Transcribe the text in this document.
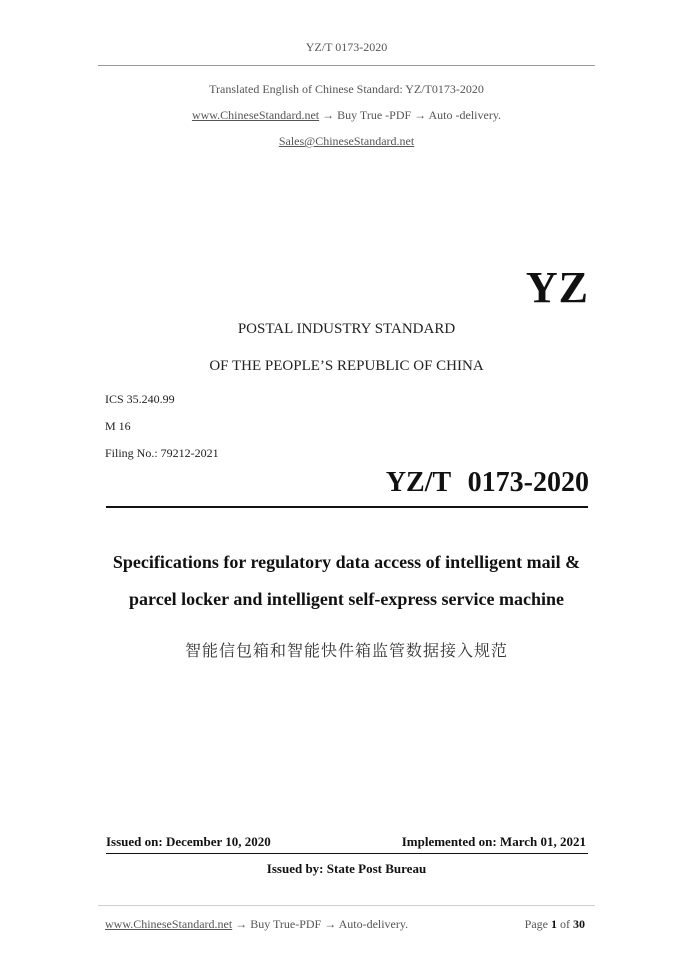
YZ/T 0173-2020
Translated English of Chinese Standard: YZ/T0173-2020
www.ChineseStandard.net → Buy True -PDF → Auto -delivery.
Sales@ChineseStandard.net
YZ
POSTAL INDUSTRY STANDARD
OF THE PEOPLE’S REPUBLIC OF CHINA
ICS 35.240.99
M 16
Filing No.: 79212-2021
YZ/T 0173-2020
Specifications for regulatory data access of intelligent mail &
parcel locker and intelligent self-express service machine
智能信包箱和智能快件箱监管数据接入规范
Issued on: December 10, 2020	Implemented on: March 01, 2021
Issued by: State Post Bureau
www.ChineseStandard.net → Buy True-PDF → Auto-delivery.	Page 1 of 30
